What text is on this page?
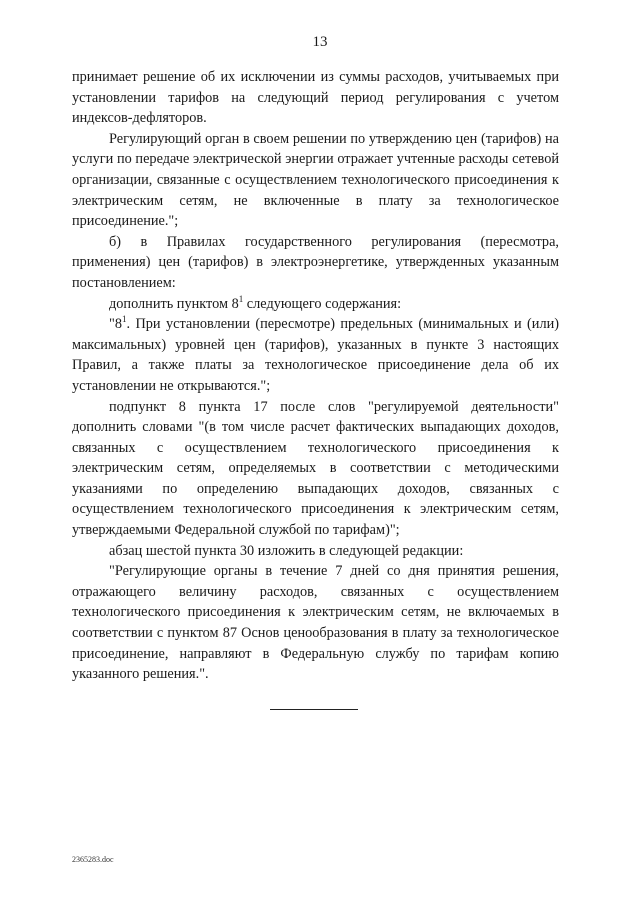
13

принимает решение об их исключении из суммы расходов, учитываемых при установлении тарифов на следующий период регулирования с учетом индексов-дефляторов.

Регулирующий орган в своем решении по утверждению цен (тарифов) на услуги по передаче электрической энергии отражает учтенные расходы сетевой организации, связанные с осуществлением технологического присоединения к электрическим сетям, не включенные в плату за технологическое присоединение.";

б) в Правилах государственного регулирования (пересмотра, применения) цен (тарифов) в электроэнергетике, утвержденных указанным постановлением:

дополнить пунктом $8^1$ следующего содержания:

"$8^1$. При установлении (пересмотре) предельных (минимальных и (или) максимальных) уровней цен (тарифов), указанных в пункте 3 настоящих Правил, а также платы за технологическое присоединение дела об их установлении не открываются.";

подпункт 8 пункта 17 после слов "регулируемой деятельности" дополнить словами "(в том числе расчет фактических выпадающих доходов, связанных с осуществлением технологического присоединения к электрическим сетям, определяемых в соответствии с методическими указаниями по определению выпадающих доходов, связанных с осуществлением технологического присоединения к электрическим сетям, утверждаемыми Федеральной службой по тарифам)";

абзац шестой пункта 30 изложить в следующей редакции:

"Регулирующие органы в течение 7 дней со дня принятия решения, отражающего величину расходов, связанных с осуществлением технологического присоединения к электрическим сетям, не включаемых в соответствии с пунктом 87 Основ ценообразования в плату за технологическое присоединение, направляют в Федеральную службу по тарифам копию указанного решения.".

2365283.doc
